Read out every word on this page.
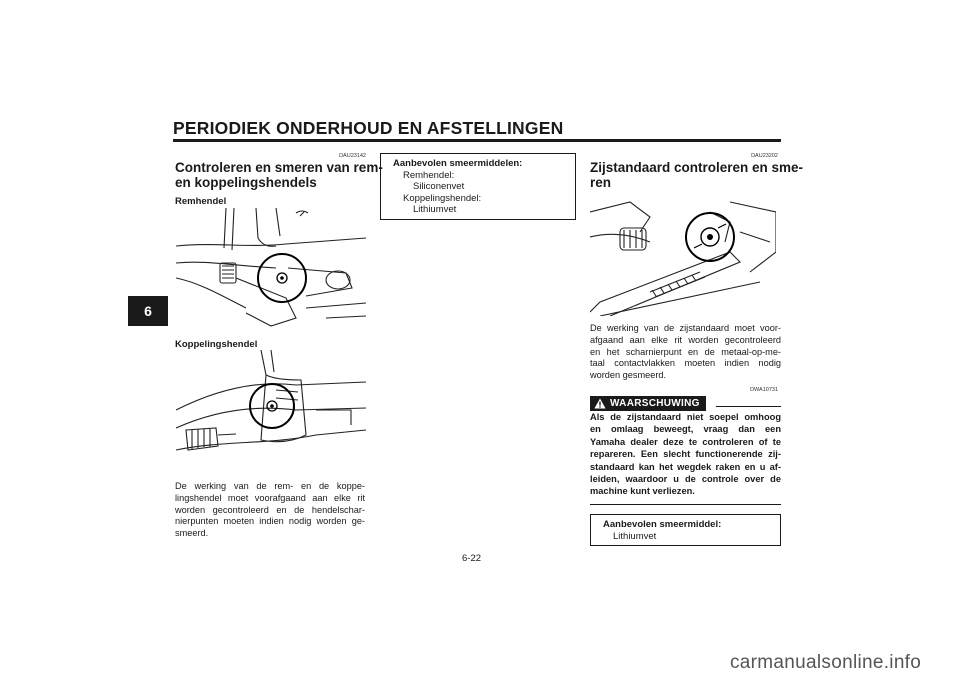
PERIODIEK ONDERHOUD EN AFSTELLINGEN
6
DAU23142
Controleren en smeren van rem-
en koppelingshendels
Remhendel
Koppelingshendel
De werking van de rem- en de koppe-
lingshendel moet voorafgaand aan elke rit
worden gecontroleerd en de hendelschar-
nierpunten moeten indien nodig worden ge-
smeerd.
Aanbevolen smeermiddelen:
Remhendel:
Siliconenvet
Koppelingshendel:
Lithiumvet
DAU23202
Zijstandaard controleren en sme-
ren
De werking van de zijstandaard moet voor-
afgaand aan elke rit worden gecontroleerd
en het scharnierpunt en de metaal-op-me-
taal contactvlakken moeten indien nodig
worden gesmeerd.
DWA10731
WAARSCHUWING
Als de zijstandaard niet soepel omhoog
en omlaag beweegt, vraag dan een
Yamaha dealer deze te controleren of te
repareren. Een slecht functionerende zij-
standaard kan het wegdek raken en u af-
leiden, waardoor u de controle over de
machine kunt verliezen.
Aanbevolen smeermiddel:
Lithiumvet
6-22
carmanualsonline.info
